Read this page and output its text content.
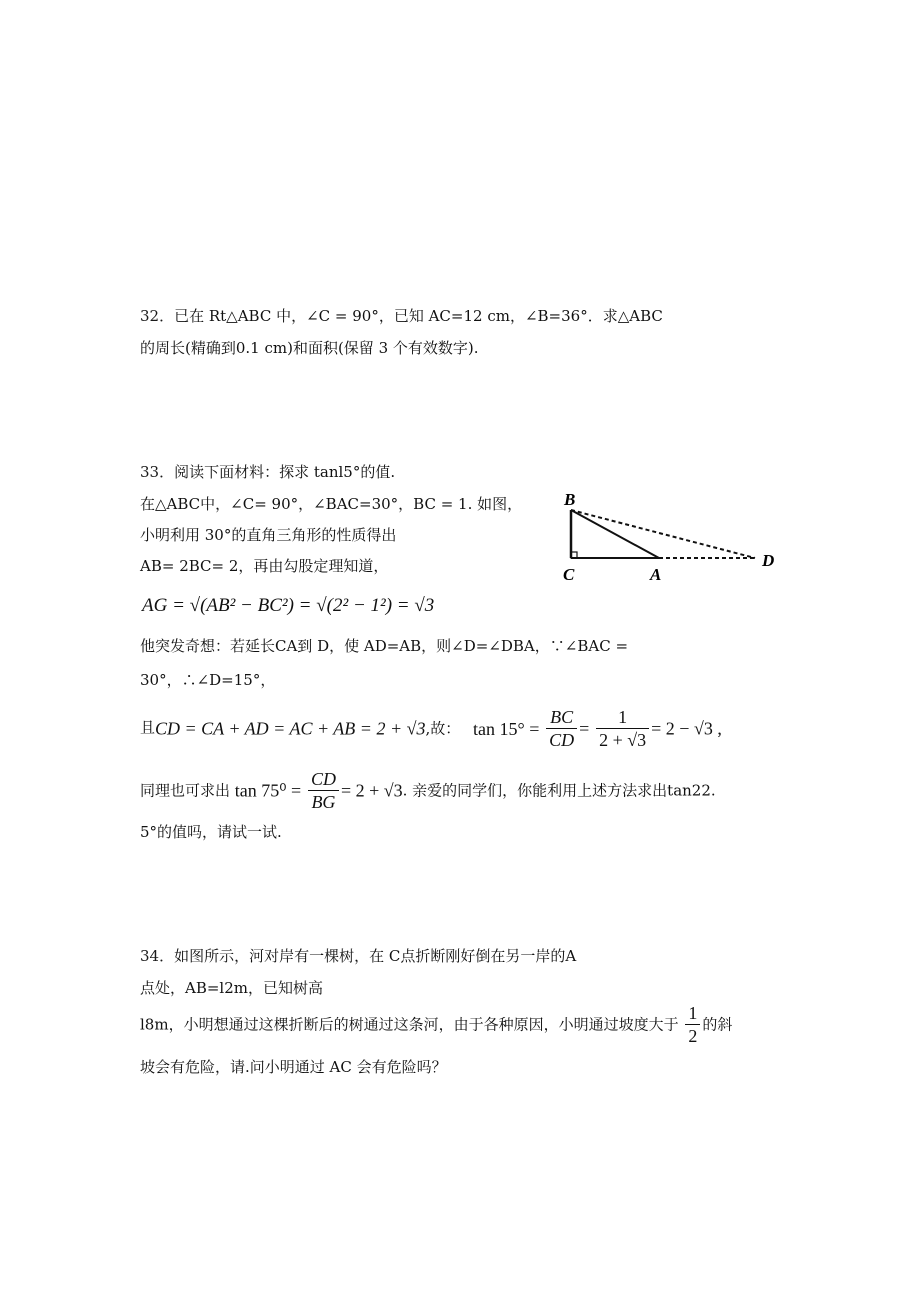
32．已在 Rt△ABC 中，∠C = 90°，已知 AC=12 cm，∠B=36°．求△ABC
的周长(精确到0.1 cm)和面积(保留 3 个有效数字).
33．阅读下面材料：探求 tanl5°的值.
在△ABC中，∠C= 90°，∠BAC=30°，BC = 1. 如图，
小明利用 30°的直角三角形的性质得出
AB= 2BC= 2，再由勾股定理知道，
AG = √(AB² − BC²) = √(2² − 1²) = √3
他突发奇想：若延长CA到 D，使 AD=AB，则∠D=∠DBA，∵∠BAC =
30°，∴∠D=15°，
且CD = CA + AD = AC + AB = 2 + √3,故： $\tan 15^\circ = \frac{BC}{CD} = \frac{1}{2 + √3} = 2 - √3$ ,
同理也可求出 $\tan 75^0 = \frac{CD}{BG} = 2 + √3$. 亲爱的同学们，你能利用上述方法求出tan22.
5°的值吗，请试一试.
B
C	A
D
34．如图所示，河对岸有一棵树，在 C点折断刚好倒在另一岸的A
点处，AB=l2m，已知树高
l8m，小明想通过这棵折断后的树通过这条河，由于各种原因，小明通过坡度大于 $\frac{1}{2}$ 的斜
坡会有危险，请.问小明通过 AC 会有危险吗？
